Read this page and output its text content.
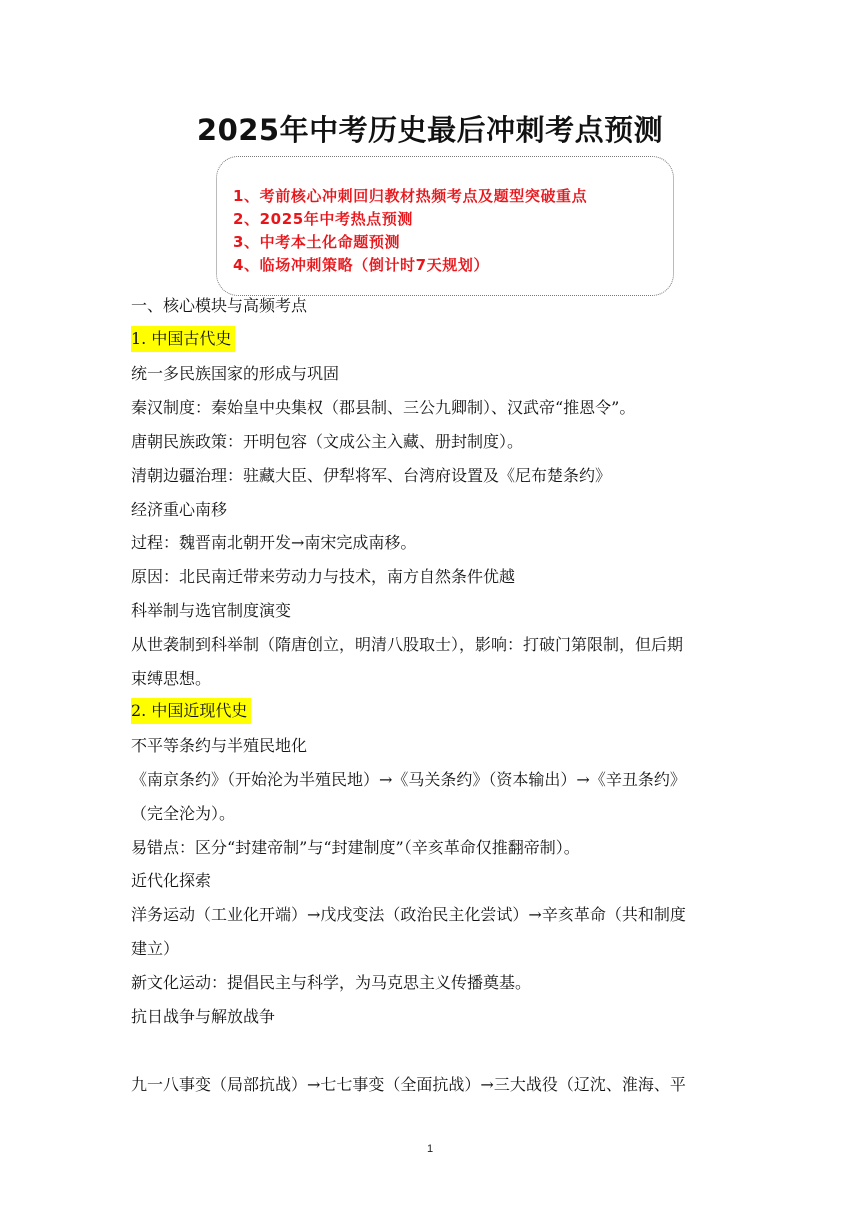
2025年中考历史最后冲刺考点预测
1、考前核心冲刺回归教材热频考点及题型突破重点
2、2025年中考热点预测
3、中考本土化命题预测
4、临场冲刺策略（倒计时7天规划）
一、核心模块与高频考点
1. 中国古代史
统一多民族国家的形成与巩固
秦汉制度：秦始皇中央集权（郡县制、三公九卿制）、汉武帝“推恩令”。
唐朝民族政策：开明包容（文成公主入藏、册封制度）。
清朝边疆治理：驻藏大臣、伊犁将军、台湾府设置及《尼布楚条约》
经济重心南移
过程：魏晋南北朝开发→南宋完成南移。
原因：北民南迁带来劳动力与技术，南方自然条件优越
科举制与选官制度演变
从世袭制到科举制（隋唐创立，明清八股取士），影响：打破门第限制，但后期
束缚思想。
2. 中国近现代史
不平等条约与半殖民地化
《南京条约》（开始沦为半殖民地）→《马关条约》（资本输出）→《辛丑条约》
（完全沦为）。
易错点：区分“封建帝制”与“封建制度”（辛亥革命仅推翻帝制）。
近代化探索
洋务运动（工业化开端）→戊戌变法（政治民主化尝试）→辛亥革命（共和制度
建立）
新文化运动：提倡民主与科学，为马克思主义传播奠基。
抗日战争与解放战争
九一八事变（局部抗战）→七七事变（全面抗战）→三大战役（辽沈、淮海、平
1
